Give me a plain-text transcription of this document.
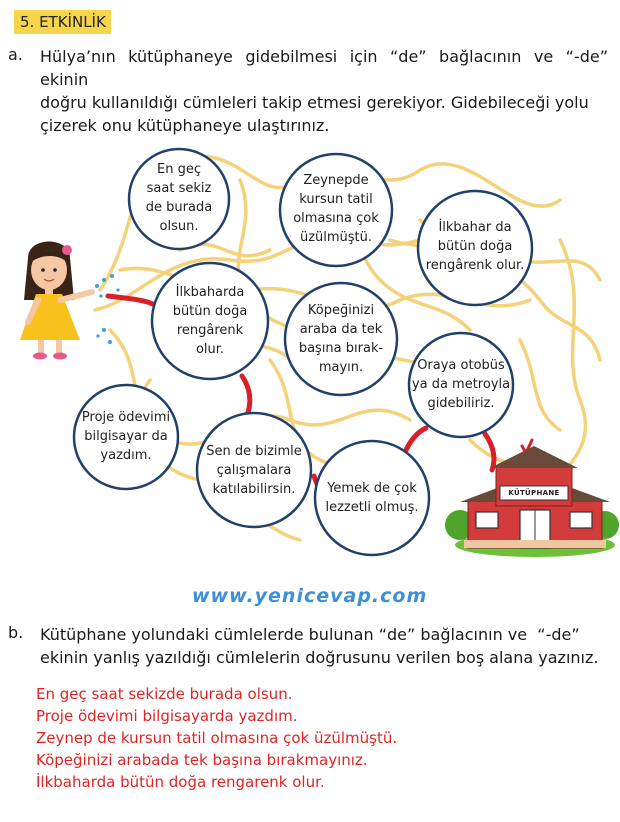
5. ETKİNLİK
a. Hülya’nın kütüphaneye gidebilmesi için “de” bağlacının ve “-de” ekinin
doğru kullanıldığı cümleleri takip etmesi gerekiyor. Gidebileceği yolu
çizerek onu kütüphaneye ulaştırınız.
En geç
saat sekiz
de burada
olsun.
Zeynepde
kursun tatil
olmasına çok
üzülmüştü.
İlkbahar da
bütün doğa
rengârenk olur.
İlkbaharda
bütün doğa
rengârenk
olur.
Köpeğinizi
araba da tek
başına bırak-
mayın.	Oraya otobüs
ya da metroyla
gidebiliriz.
Proje ödevimi
bilgisayar da
yazdım.	Sen de bizimle
çalışmalara
katılabilirsin.	Yemek de çok
lezzetli olmuş.
KÜTÜPHANE
www.yenicevap.com
b. Kütüphane yolundaki cümlelerde bulunan “de” bağlacının ve  “-de”
ekinin yanlış yazıldığı cümlelerin doğrusunu verilen boş alana yazınız.
En geç saat sekizde burada olsun.
Proje ödevimi bilgisayarda yazdım.
Zeynep de kursun tatil olmasına çok üzülmüştü.
Köpeğinizi arabada tek başına bırakmayınız.
İlkbaharda bütün doğa rengarenk olur.
